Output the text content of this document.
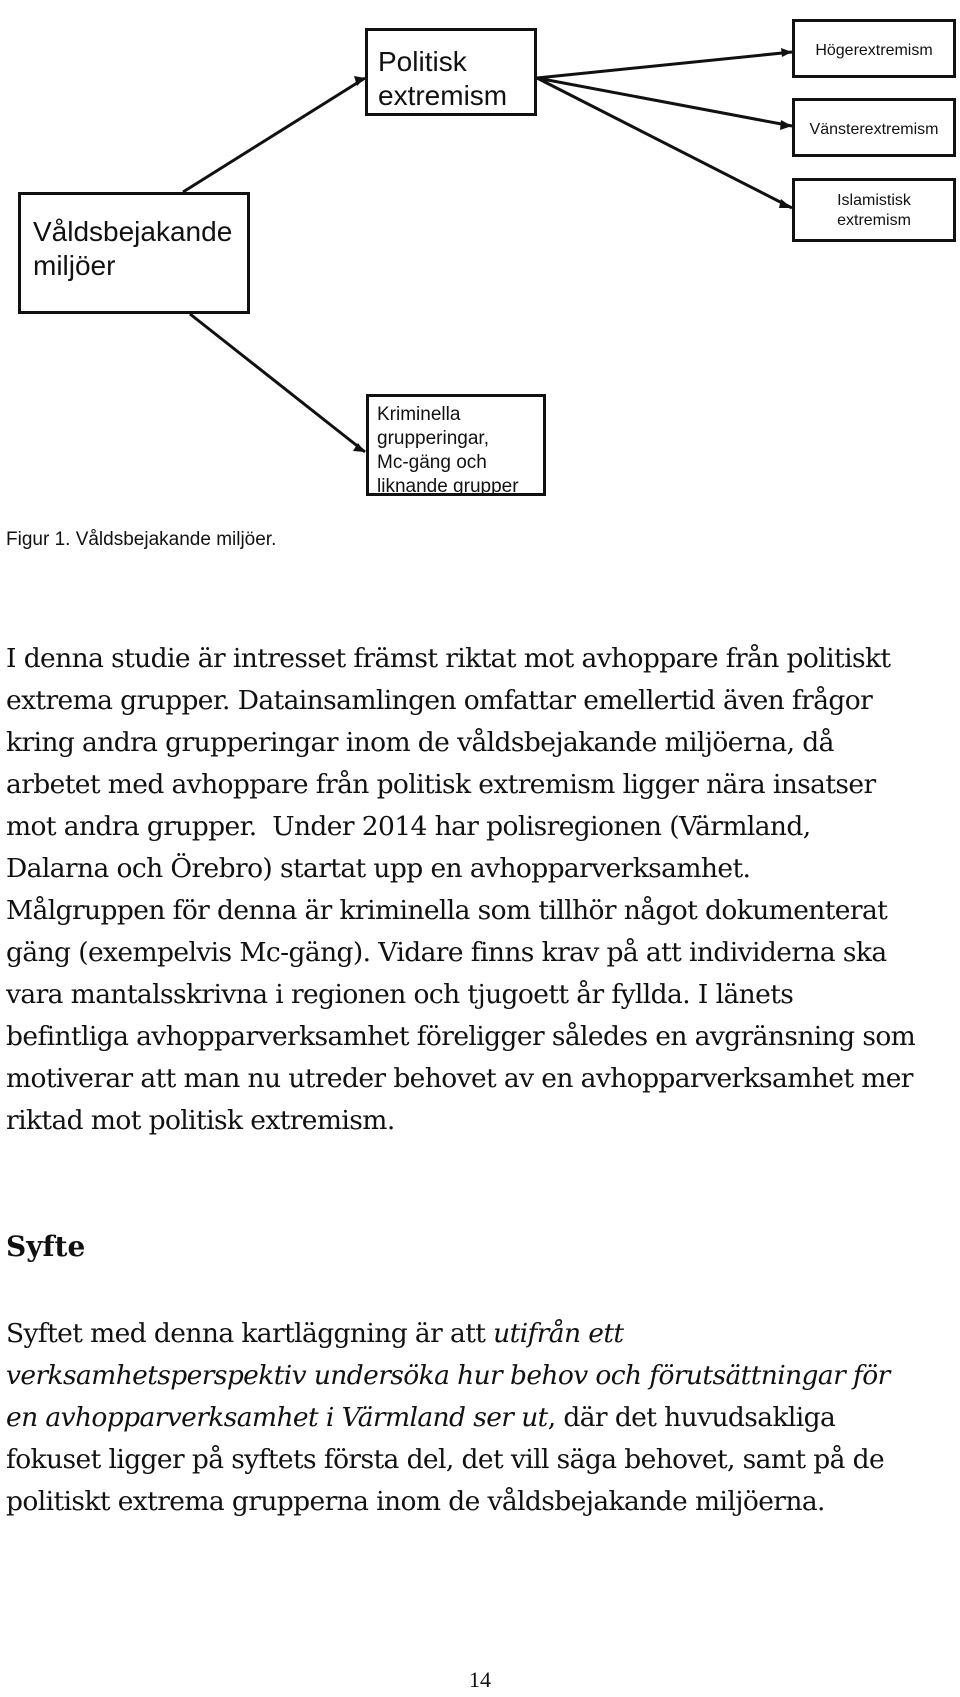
Politisk
extremism
Våldsbejakande
miljöer
Högerextremism
Vänsterextremism
Islamistisk
extremism
Kriminella
grupperingar,
Mc-gäng och
liknande grupper

Figur 1. Våldsbejakande miljöer.

I denna studie är intresset främst riktat mot avhoppare från politiskt
extrema grupper. Datainsamlingen omfattar emellertid även frågor
kring andra grupperingar inom de våldsbejakande miljöerna, då
arbetet med avhoppare från politisk extremism ligger nära insatser
mot andra grupper.  Under 2014 har polisregionen (Värmland,
Dalarna och Örebro) startat upp en avhopparverksamhet.
Målgruppen för denna är kriminella som tillhör något dokumenterat
gäng (exempelvis Mc-gäng). Vidare finns krav på att individerna ska
vara mantalsskrivna i regionen och tjugoett år fyllda. I länets
befintliga avhopparverksamhet föreligger således en avgränsning som
motiverar att man nu utreder behovet av en avhopparverksamhet mer
riktad mot politisk extremism.
Syfte
Syftet med denna kartläggning är att utifrån ett
verksamhetsperspektiv undersöka hur behov och förutsättningar för
en avhopparverksamhet i Värmland ser ut, där det huvudsakliga
fokuset ligger på syftets första del, det vill säga behovet, samt på de
politiskt extrema grupperna inom de våldsbejakande miljöerna.

14
